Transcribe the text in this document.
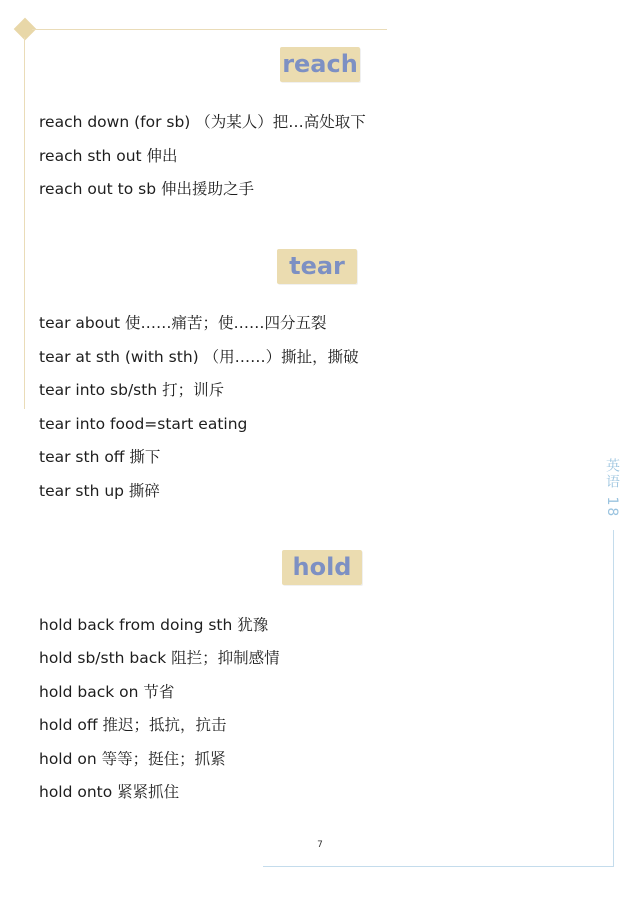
英语 18
reach
reach down (for sb) （为某人）把…高处取下
reach sth out 伸出
reach out to sb 伸出援助之手
tear
tear about 使……痛苦；使……四分五裂
tear at sth (with sth) （用……）撕扯，撕破
tear into sb/sth 打；训斥
tear into food=start eating
tear sth off 撕下
tear sth up 撕碎
hold
hold back from doing sth 犹豫
hold sb/sth back 阻拦；抑制感情
hold back on 节省
hold off 推迟；抵抗，抗击
hold on 等等；挺住；抓紧
hold onto 紧紧抓住
7
